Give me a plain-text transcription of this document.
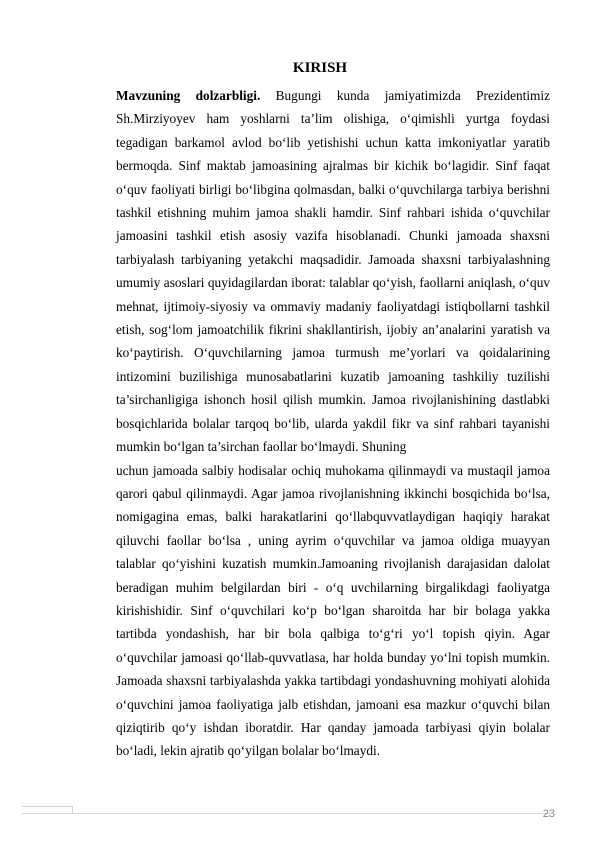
KIRISH

Mavzuning dolzarbligi. Bugungi kunda jamiyatimizda Prezidentimiz Sh.Mirziyoyev ham yoshlarni ta’lim olishiga, o‘qimishli yurtga foydasi tegadigan barkamol avlod bo‘lib yetishishi uchun katta imkoniyatlar yaratib bermoqda. Sinf maktab jamoasining ajralmas bir kichik bo‘lagidir. Sinf faqat o‘quv faoliyati birligi bo‘libgina qolmasdan, balki o‘quvchilarga tarbiya berishni tashkil etishning muhim jamoa shakli hamdir. Sinf rahbari ishida o‘quvchilar jamoasini tashkil etish asosiy vazifa hisoblanadi. Chunki jamoada shaxsni tarbiyalash tarbiyaning yetakchi maqsadidir. Jamoada shaxsni tarbiyalashning umumiy asoslari quyidagilardan iborat: talablar qo‘yish, faollarni aniqlash, o‘quv mehnat, ijtimoiy-siyosiy va ommaviy madaniy faoliyatdagi istiqbollarni tashkil etish, sog‘lom jamoatchilik fikrini shakllantirish, ijobiy an’analarini yaratish va ko‘paytirish. O‘quvchilarning jamoa turmush me’yorlari va qoidalarining intizomini buzilishiga munosabatlarini kuzatib jamoaning tashkiliy tuzilishi ta’sirchanligiga ishonch hosil qilish mumkin. Jamoa rivojlanishining dastlabki bosqichlarida bolalar tarqoq bo‘lib, ularda yakdil fikr va sinf rahbari tayanishi mumkin bo‘lgan ta’sirchan faollar bo‘lmaydi. Shuning

uchun jamoada salbiy hodisalar ochiq muhokama qilinmaydi va mustaqil jamoa qarori qabul qilinmaydi. Agar jamoa rivojlanishning ikkinchi bosqichida bo‘lsa, nomigagina emas, balki harakatlarini qo‘llabquvvatlaydigan haqiqiy harakat qiluvchi faollar bo‘lsa , uning ayrim o‘quvchilar va jamoa oldiga muayyan talablar qo‘yishini kuzatish mumkin.Jamoaning rivojlanish darajasidan dalolat beradigan muhim belgilardan biri - o‘q uvchilarning birgalikdagi faoliyatga kirishishidir. Sinf o‘quvchilari ko‘p bo‘lgan sharoitda har bir bolaga yakka tartibda yondashish, har bir bola qalbiga to‘g‘ri yo‘l topish qiyin. Agar o‘quvchilar jamoasi qo‘llab-quvvatlasa, har holda bunday yo‘lni topish mumkin. Jamoada shaxsni tarbiyalashda yakka tartibdagi yondashuvning mohiyati alohida o‘quvchini jamoa faoliyatiga jalb etishdan, jamoani esa mazkur o‘quvchi bilan qiziqtirib qo‘y ishdan iboratdir. Har qanday jamoada tarbiyasi qiyin bolalar bo‘ladi, lekin ajratib qo‘yilgan bolalar bo‘lmaydi.

23
